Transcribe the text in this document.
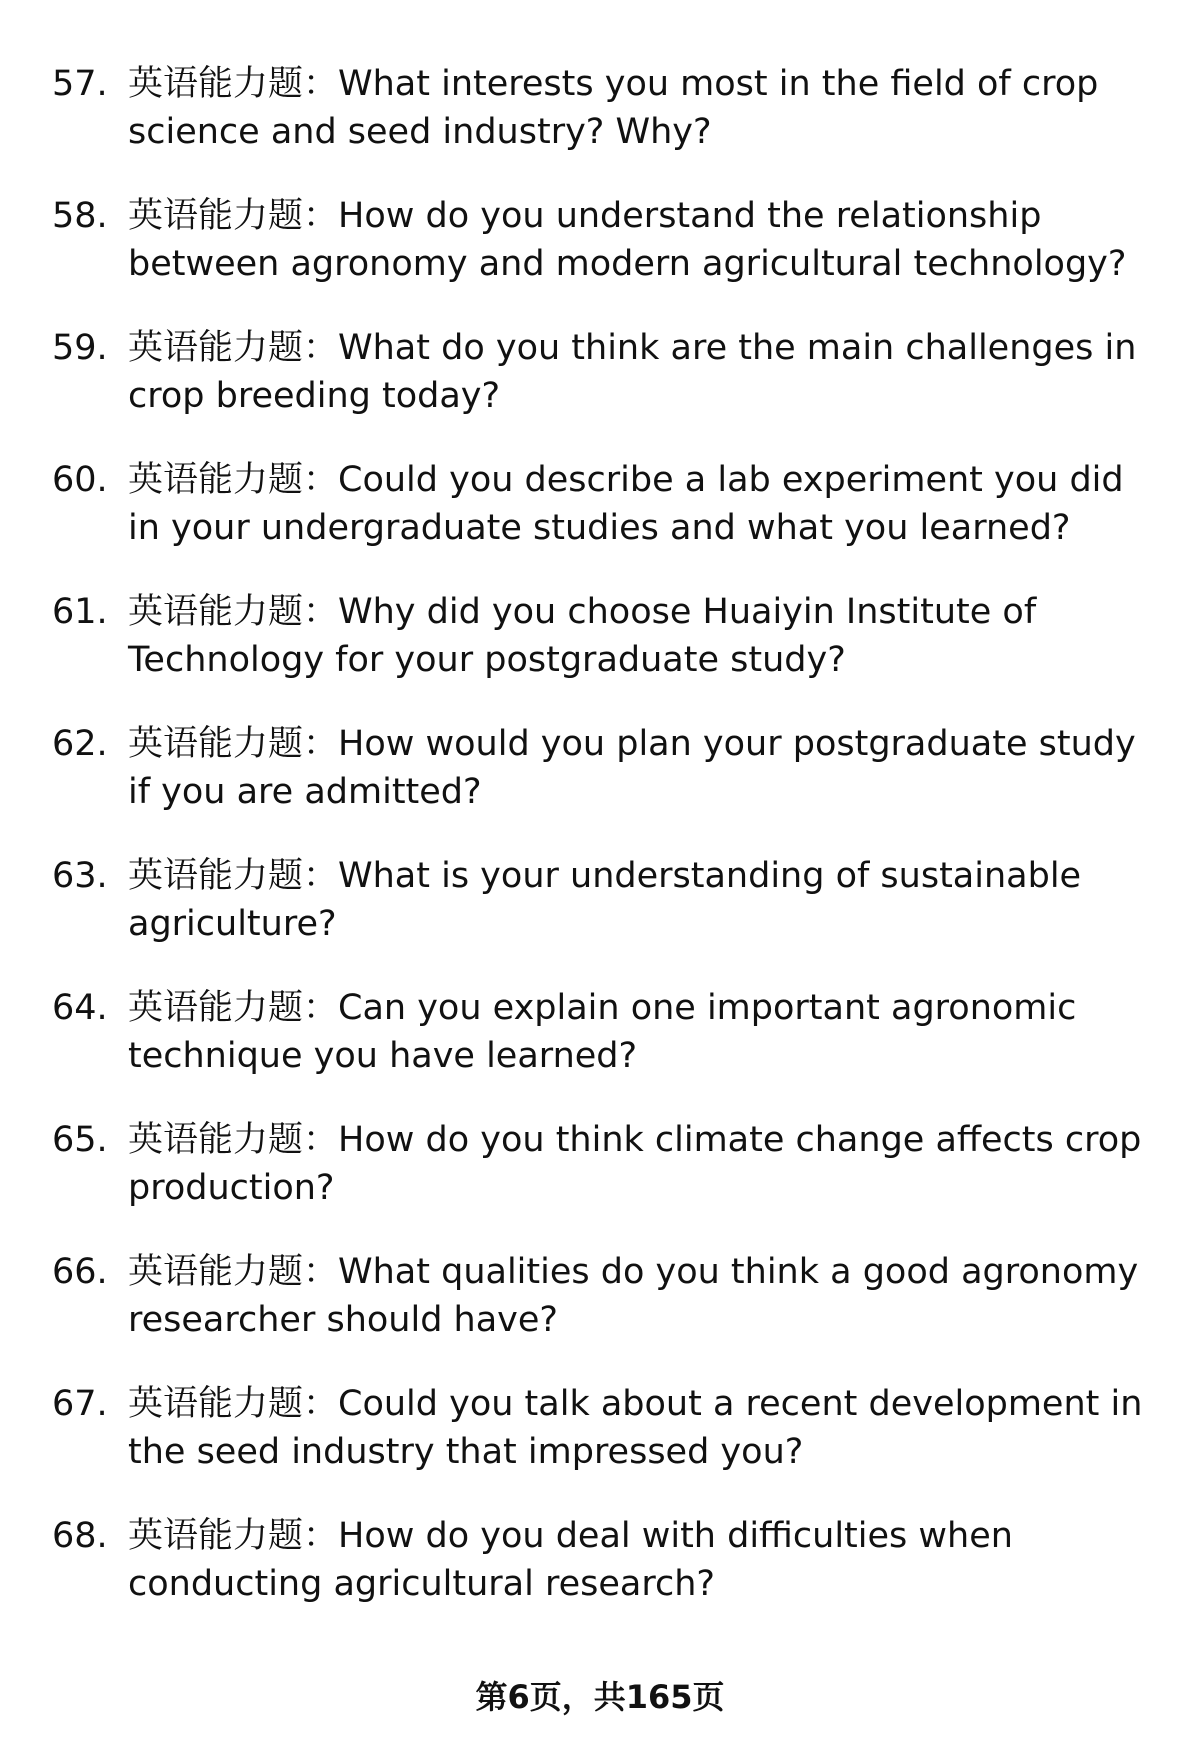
57. 英语能力题：What interests you most in the field of crop science and seed industry? Why?
58. 英语能力题：How do you understand the relationship between agronomy and modern agricultural technology?
59. 英语能力题：What do you think are the main challenges in crop breeding today?
60. 英语能力题：Could you describe a lab experiment you did in your undergraduate studies and what you learned?
61. 英语能力题：Why did you choose Huaiyin Institute of Technology for your postgraduate study?
62. 英语能力题：How would you plan your postgraduate study if you are admitted?
63. 英语能力题：What is your understanding of sustainable agriculture?
64. 英语能力题：Can you explain one important agronomic technique you have learned?
65. 英语能力题：How do you think climate change affects crop production?
66. 英语能力题：What qualities do you think a good agronomy researcher should have?
67. 英语能力题：Could you talk about a recent development in the seed industry that impressed you?
68. 英语能力题：How do you deal with difficulties when conducting agricultural research?
第6页，共165页
